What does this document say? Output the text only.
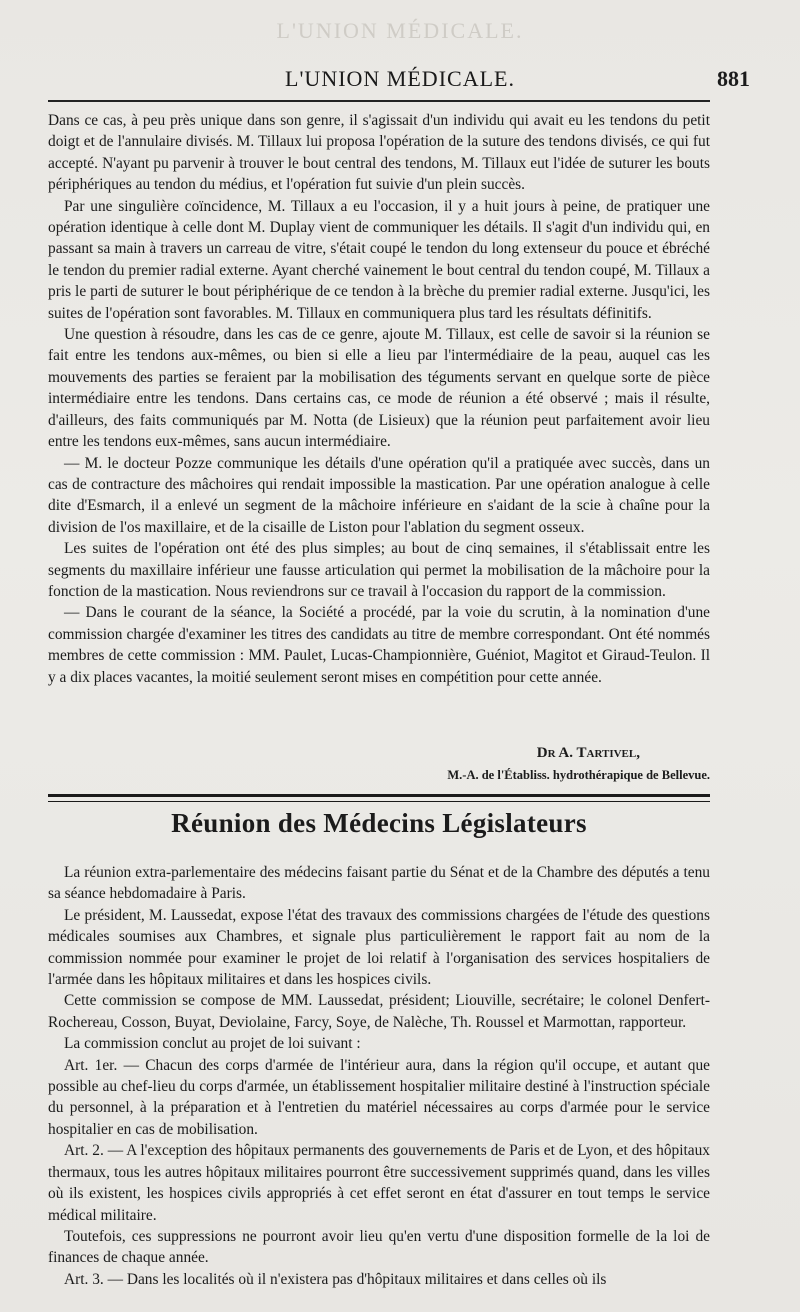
L'UNION MÉDICALE.
L'UNION MÉDICALE.	881

Dans ce cas, à peu près unique dans son genre, il s'agissait d'un individu qui avait eu les tendons du petit doigt et de l'annulaire divisés. M. Tillaux lui proposa l'opération de la suture des tendons divisés, ce qui fut accepté. N'ayant pu parvenir à trouver le bout central des tendons, M. Tillaux eut l'idée de suturer les bouts périphériques au tendon du médius, et l'opération fut suivie d'un plein succès.

Par une singulière coïncidence, M. Tillaux a eu l'occasion, il y a huit jours à peine, de pratiquer une opération identique à celle dont M. Duplay vient de communiquer les détails. Il s'agit d'un individu qui, en passant sa main à travers un carreau de vitre, s'était coupé le tendon du long extenseur du pouce et ébréché le tendon du premier radial externe. Ayant cherché vainement le bout central du tendon coupé, M. Tillaux a pris le parti de suturer le bout périphérique de ce tendon à la brèche du premier radial externe. Jusqu'ici, les suites de l'opération sont favorables. M. Tillaux en communiquera plus tard les résultats définitifs.

Une question à résoudre, dans les cas de ce genre, ajoute M. Tillaux, est celle de savoir si la réunion se fait entre les tendons aux-mêmes, ou bien si elle a lieu par l'intermédiaire de la peau, auquel cas les mouvements des parties se feraient par la mobilisation des téguments servant en quelque sorte de pièce intermédiaire entre les tendons. Dans certains cas, ce mode de réunion a été observé ; mais il résulte, d'ailleurs, des faits communiqués par M. Notta (de Lisieux) que la réunion peut parfaitement avoir lieu entre les tendons eux-mêmes, sans aucun intermédiaire.

— M. le docteur Pozze communique les détails d'une opération qu'il a pratiquée avec succès, dans un cas de contracture des mâchoires qui rendait impossible la mastication. Par une opération analogue à celle dite d'Esmarch, il a enlevé un segment de la mâchoire inférieure en s'aidant de la scie à chaîne pour la division de l'os maxillaire, et de la cisaille de Liston pour l'ablation du segment osseux.

Les suites de l'opération ont été des plus simples; au bout de cinq semaines, il s'établissait entre les segments du maxillaire inférieur une fausse articulation qui permet la mobilisation de la mâchoire pour la fonction de la mastication. Nous reviendrons sur ce travail à l'occasion du rapport de la commission.

— Dans le courant de la séance, la Société a procédé, par la voie du scrutin, à la nomination d'une commission chargée d'examiner les titres des candidats au titre de membre correspondant. Ont été nommés membres de cette commission : MM. Paulet, Lucas-Championnière, Guéniot, Magitot et Giraud-Teulon. Il y a dix places vacantes, la moitié seulement seront mises en compétition pour cette année.

Dr A. Tartivel,
M.-A. de l'Établiss. hydrothérapique de Bellevue.
Réunion des Médecins Législateurs

La réunion extra-parlementaire des médecins faisant partie du Sénat et de la Chambre des députés a tenu sa séance hebdomadaire à Paris.

Le président, M. Laussedat, expose l'état des travaux des commissions chargées de l'étude des questions médicales soumises aux Chambres, et signale plus particulièrement le rapport fait au nom de la commission nommée pour examiner le projet de loi relatif à l'organisation des services hospitaliers de l'armée dans les hôpitaux militaires et dans les hospices civils.

Cette commission se compose de MM. Laussedat, président; Liouville, secrétaire; le colonel Denfert-Rochereau, Cosson, Buyat, Deviolaine, Farcy, Soye, de Nalèche, Th. Roussel et Marmottan, rapporteur.

La commission conclut au projet de loi suivant :

Art. 1er. — Chacun des corps d'armée de l'intérieur aura, dans la région qu'il occupe, et autant que possible au chef-lieu du corps d'armée, un établissement hospitalier militaire destiné à l'instruction spéciale du personnel, à la préparation et à l'entretien du matériel nécessaires au corps d'armée pour le service hospitalier en cas de mobilisation.

Art. 2. — A l'exception des hôpitaux permanents des gouvernements de Paris et de Lyon, et des hôpitaux thermaux, tous les autres hôpitaux militaires pourront être successivement supprimés quand, dans les villes où ils existent, les hospices civils appropriés à cet effet seront en état d'assurer en tout temps le service médical militaire.

Toutefois, ces suppressions ne pourront avoir lieu qu'en vertu d'une disposition formelle de la loi de finances de chaque année.

Art. 3. — Dans les localités où il n'existera pas d'hôpitaux militaires et dans celles où ils
